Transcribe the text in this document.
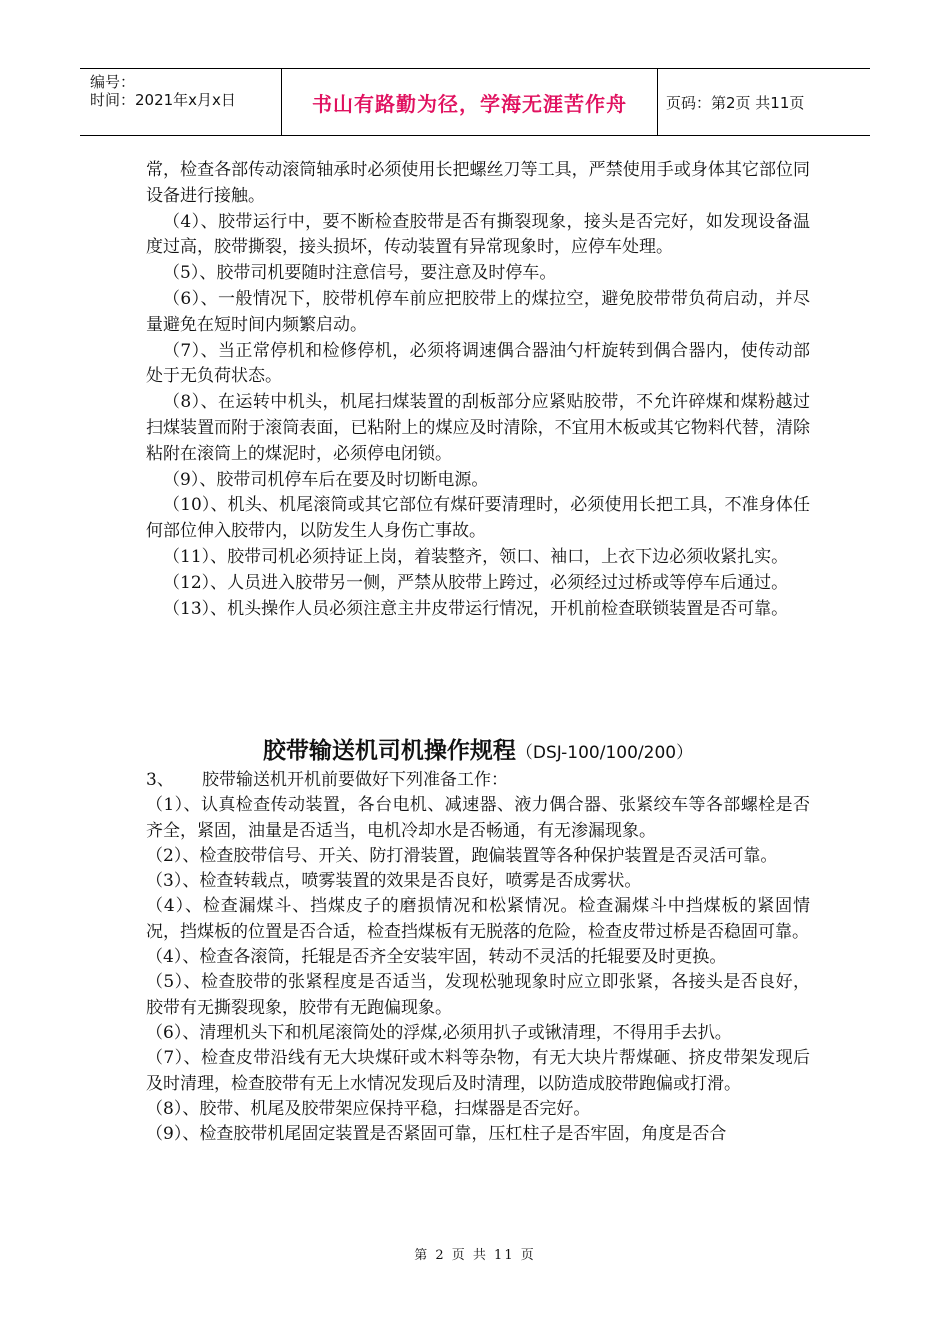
编号：
时间：2021年x月x日	书山有路勤为径，学海无涯苦作舟	页码：第2页 共11页

常，检查各部传动滚筒轴承时必须使用长把螺丝刀等工具，严禁使用手或身体其它部位同设备进行接触。

（4）、胶带运行中，要不断检查胶带是否有撕裂现象，接头是否完好，如发现设备温度过高，胶带撕裂，接头损坏，传动装置有异常现象时，应停车处理。

（5）、胶带司机要随时注意信号，要注意及时停车。

（6）、一般情况下，胶带机停车前应把胶带上的煤拉空，避免胶带带负荷启动，并尽量避免在短时间内频繁启动。

（7）、当正常停机和检修停机，必须将调速偶合器油勺杆旋转到偶合器内，使传动部处于无负荷状态。

（8）、在运转中机头，机尾扫煤装置的刮板部分应紧贴胶带，不允许碎煤和煤粉越过扫煤装置而附于滚筒表面，已粘附上的煤应及时清除，不宜用木板或其它物料代替，清除粘附在滚筒上的煤泥时，必须停电闭锁。

（9）、胶带司机停车后在要及时切断电源。

（10）、机头、机尾滚筒或其它部位有煤矸要清理时，必须使用长把工具，不准身体任何部位伸入胶带内，以防发生人身伤亡事故。

（11）、胶带司机必须持证上岗，着装整齐，领口、袖口，上衣下边必须收紧扎实。

（12）、人员进入胶带另一侧，严禁从胶带上跨过，必须经过过桥或等停车后通过。

（13）、机头操作人员必须注意主井皮带运行情况，开机前检查联锁装置是否可靠。

胶带输送机司机操作规程（DSJ-100/100/200）

3、 胶带输送机开机前要做好下列准备工作：

（1）、认真检查传动装置，各台电机、减速器、液力偶合器、张紧绞车等各部螺栓是否齐全，紧固，油量是否适当，电机冷却水是否畅通，有无渗漏现象。

（2）、检查胶带信号、开关、防打滑装置，跑偏装置等各种保护装置是否灵活可靠。

（3）、检查转载点，喷雾装置的效果是否良好，喷雾是否成雾状。

（4）、检查漏煤斗、挡煤皮子的磨损情况和松紧情况。检查漏煤斗中挡煤板的紧固情况，挡煤板的位置是否合适，检查挡煤板有无脱落的危险，检查皮带过桥是否稳固可靠。

（4）、检查各滚筒，托辊是否齐全安装牢固，转动不灵活的托辊要及时更换。

（5）、检查胶带的张紧程度是否适当，发现松驰现象时应立即张紧，各接头是否良好，胶带有无撕裂现象，胶带有无跑偏现象。

（6）、清理机头下和机尾滚筒处的浮煤,必须用扒子或锹清理，不得用手去扒。

（7）、检查皮带沿线有无大块煤矸或木料等杂物，有无大块片帮煤砸、挤皮带架发现后及时清理，检查胶带有无上水情况发现后及时清理，以防造成胶带跑偏或打滑。

（8）、胶带、机尾及胶带架应保持平稳，扫煤器是否完好。

（9）、检查胶带机尾固定装置是否紧固可靠，压杠柱子是否牢固，角度是否合

第 2 页 共 11 页
